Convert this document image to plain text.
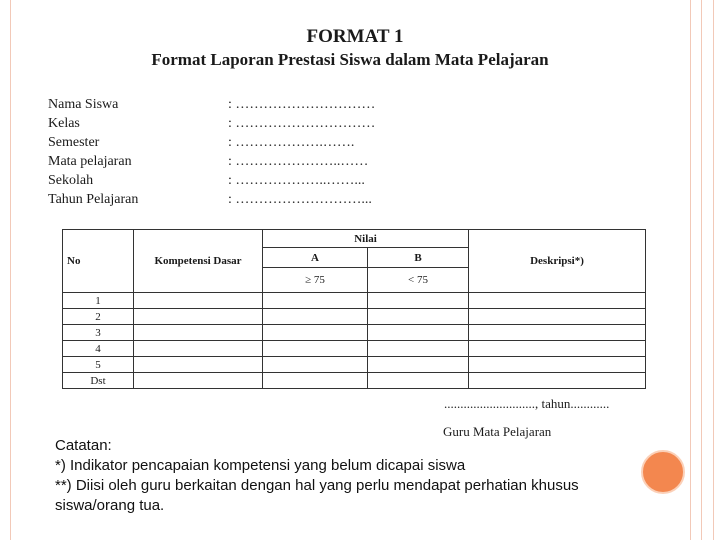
FORMAT 1
Format Laporan Prestasi Siswa dalam Mata Pelajaran
Nama Siswa	: …………………………
Kelas	: …………………………
Semester	: ……………….…….
Mata pelajaran	: …………………..……
Sekolah	: ………………..……...
Tahun Pelajaran	: ………………………...
No	Kompetensi Dasar	Nilai		Deskripsi*)
		A	B	
		≥ 75	< 75	
1				
2				
3				
4				
5				
Dst				
............................, tahun............
Guru Mata Pelajaran
Catatan:
*) Indikator pencapaian kompetensi yang belum dicapai siswa
**) Diisi oleh guru berkaitan dengan hal yang perlu mendapat perhatian khusus siswa/orang tua.
